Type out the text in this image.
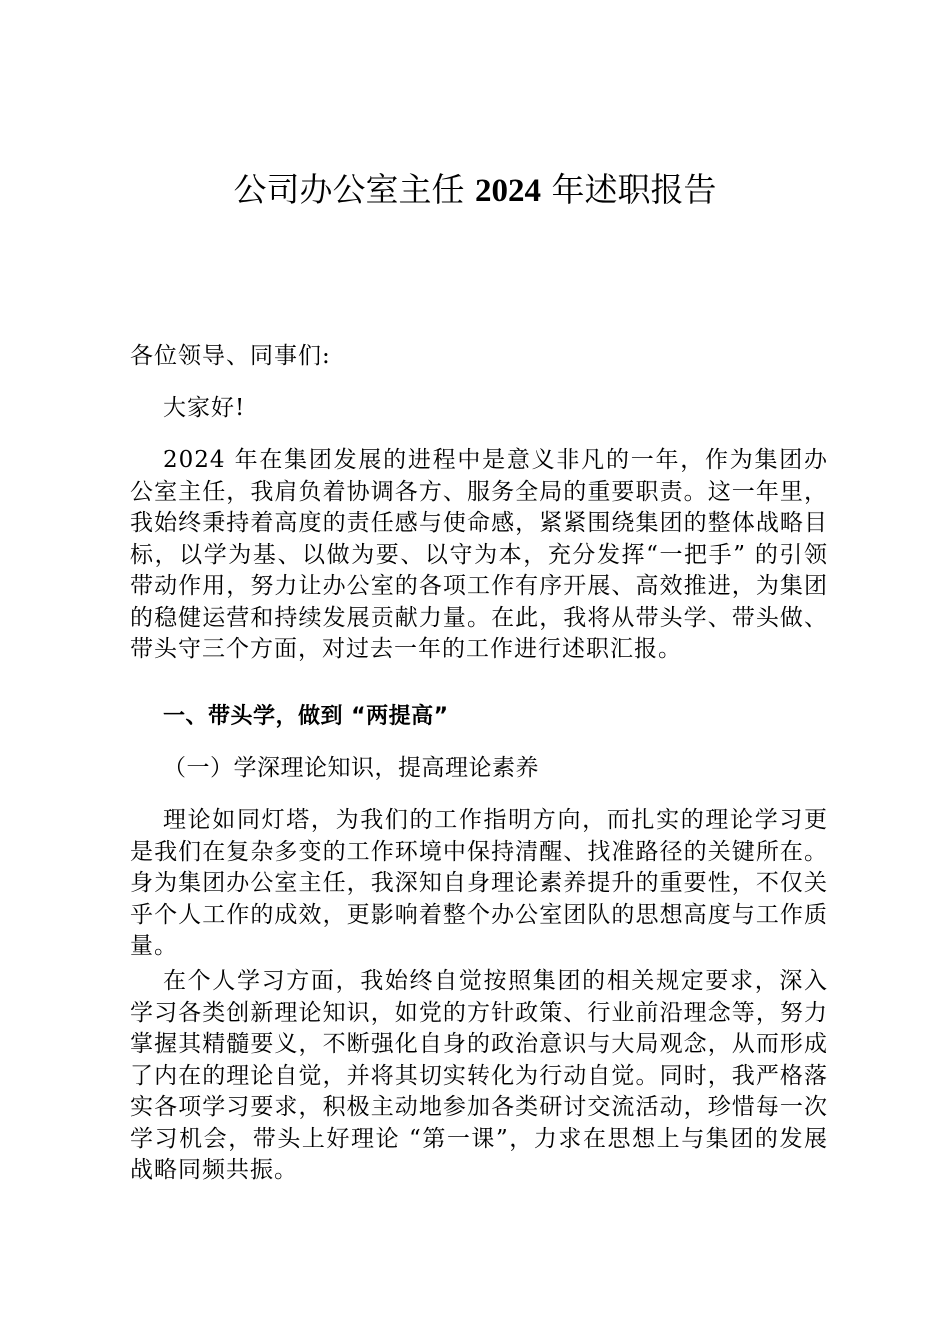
公司办公室主任 2024 年述职报告
各位领导、同事们:
大家好!
2024 年在集团发展的进程中是意义非凡的一年，作为集团办公室主任，我肩负着协调各方、服务全局的重要职责。这一年里，我始终秉持着高度的责任感与使命感，紧紧围绕集团的整体战略目标，以学为基、以做为要、以守为本，充分发挥“一把手” 的引领带动作用，努力让办公室的各项工作有序开展、高效推进，为集团的稳健运营和持续发展贡献力量。在此，我将从带头学、带头做、带头守三个方面，对过去一年的工作进行述职汇报。
一、带头学，做到 “两提高”
（一）学深理论知识，提高理论素养
理论如同灯塔，为我们的工作指明方向，而扎实的理论学习更是我们在复杂多变的工作环境中保持清醒、找准路径的关键所在。身为集团办公室主任，我深知自身理论素养提升的重要性，不仅关乎个人工作的成效，更影响着整个办公室团队的思想高度与工作质量。
在个人学习方面，我始终自觉按照集团的相关规定要求，深入学习各类创新理论知识，如党的方针政策、行业前沿理念等，努力掌握其精髓要义，不断强化自身的政治意识与大局观念，从而形成了内在的理论自觉，并将其切实转化为行动自觉。同时，我严格落实各项学习要求，积极主动地参加各类研讨交流活动，珍惜每一次学习机会，带头上好理论 “第一课”，力求在思想上与集团的发展战略同频共振。
